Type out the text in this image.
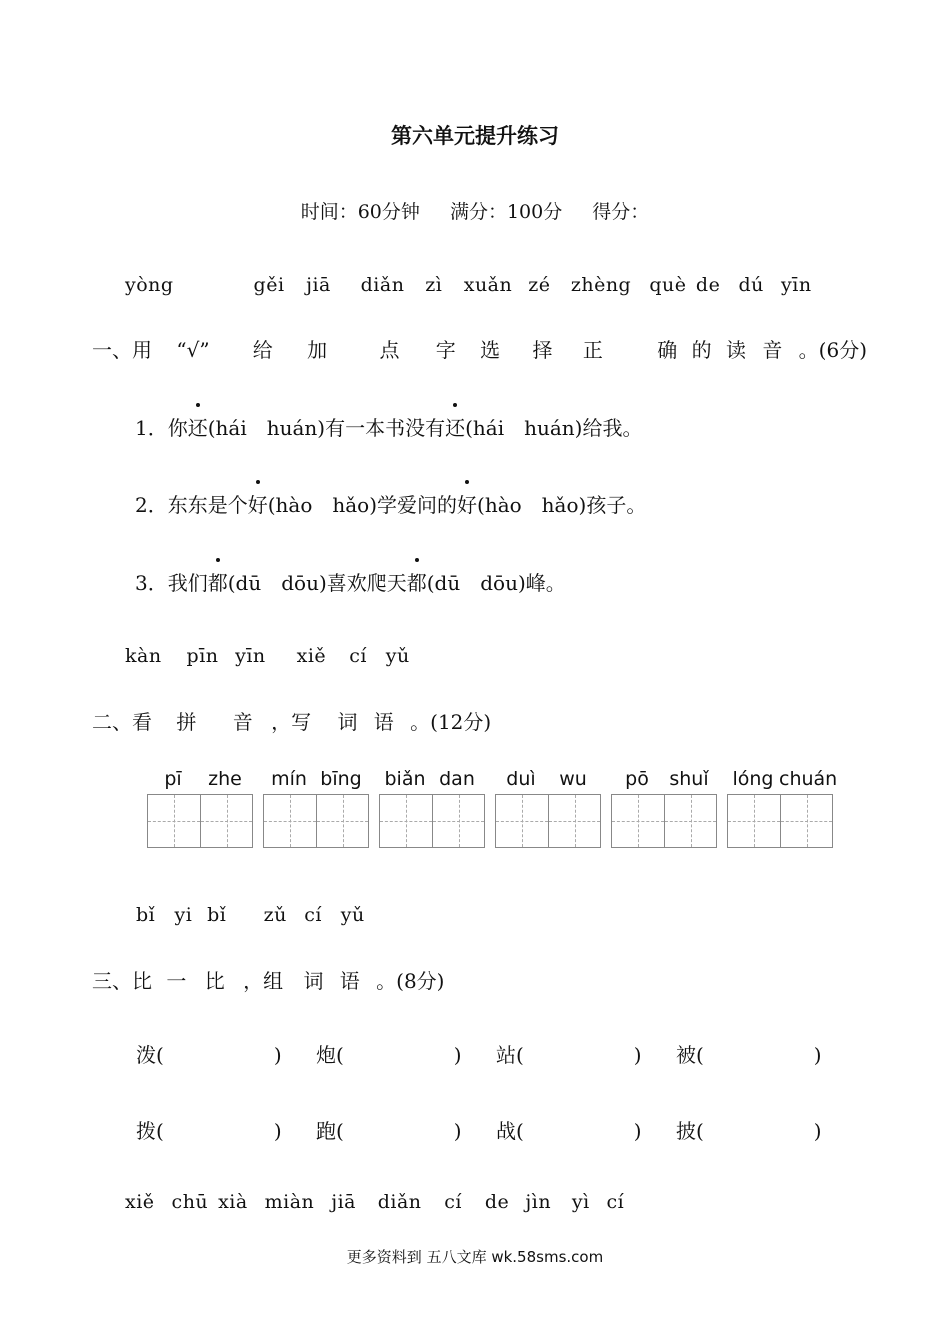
第六单元提升练习
时间：60分钟 满分：100分 得分：
yòng	gěi jiā diǎn zì xuǎn zé zhèng què de dú yīn
一、用 “√” 给 加	点 字 选 择 正	确 的 读 音 。(6分)
1．你还(hái　huán)有一本书没有还(hái　huán)给我。
2．东东是个好(hào　hǎo)学爱问的好(hào　hǎo)孩子。
3．我们都(dū　dōu)喜欢爬天都(dū　dōu)峰。
kàn pīn yīn xiě cí yǔ
二、看 拼 音 ，写 词 语 。(12分)
pī	zhe	mín bīng biǎn dan	duì	wu	pō	shuǐ	lóng chuán
bǐ yi bǐ zǔ cí yǔ
三、比 一 比 ，组 词 语 。(8分)
泼(	) 炮(	) 站(	) 被(	)
拨(	) 跑(	) 战(	) 披(	)
xiě chū xià miàn jiā diǎn cí de jìn yì cí
更多资料到 五八文库 wk.58sms.com
